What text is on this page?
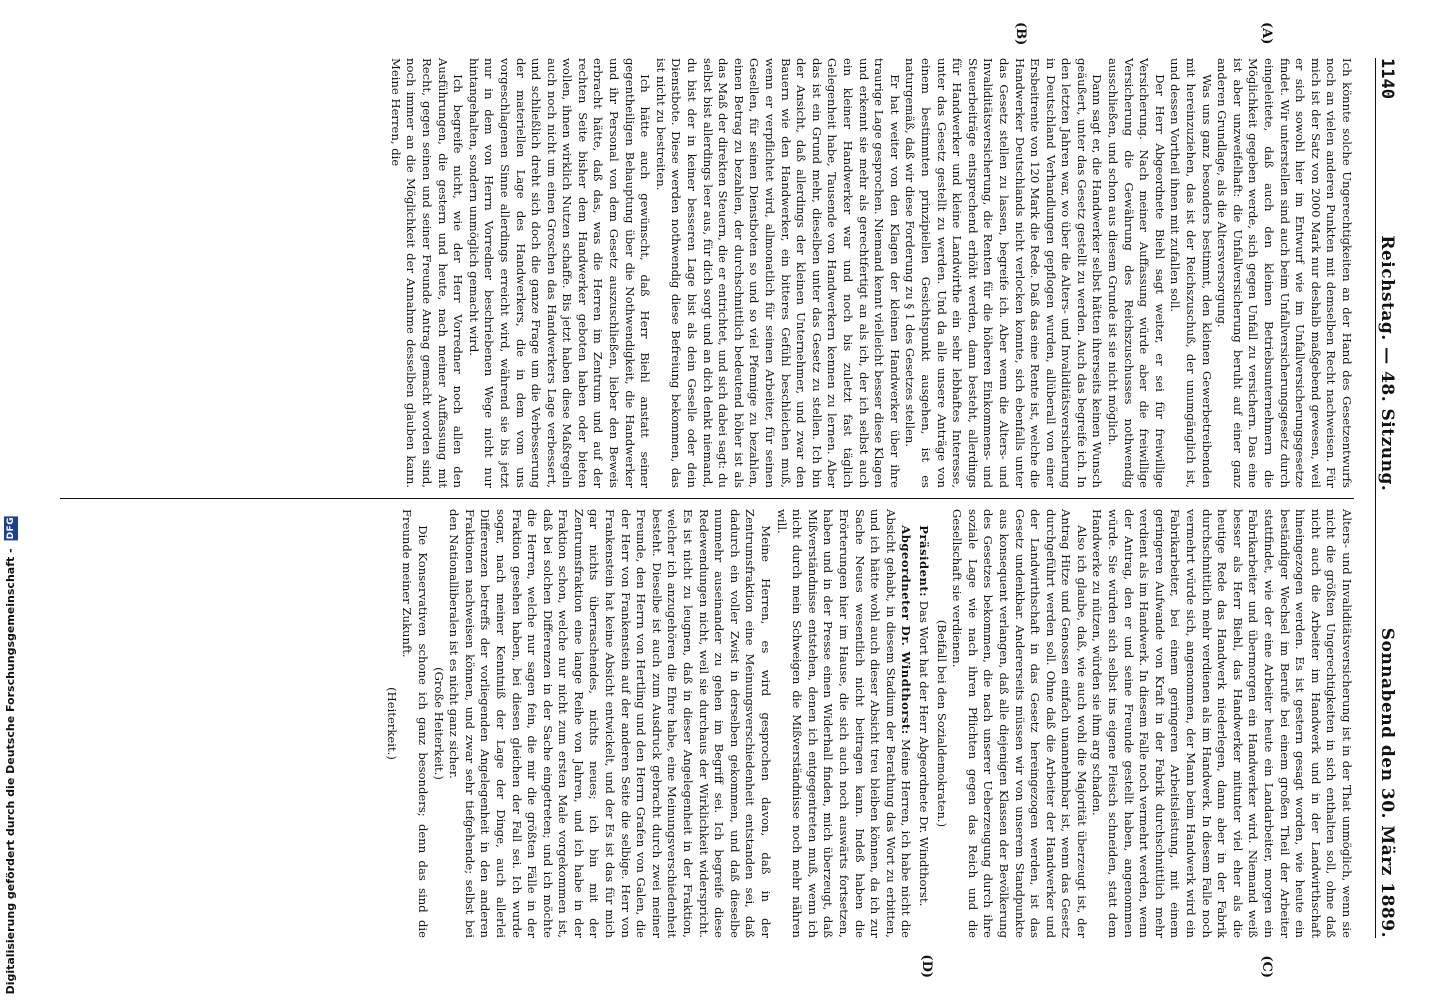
1140
Reichstag. — 48. Sitzung.
Sonnabend den 30. März 1889.
(A)
(B)

Ich könnte solche Ungerechtigkeiten an der Hand des Gesetzentwurfs noch an vielen anderen Punkten mit demselben Recht nachweisen. Für mich ist der Satz von 2000 Mark nur deshalb maßgebend gewesen, weil er sich sowohl hier im Entwurf wie im Unfallversicherungsgesetze findet. Wir unterstellen sind auch beim Unfallversicherungsgesetz durch eingeleitete, daß auch den kleinen Betriebsunternehmern die Möglichkeit gegeben werde, sich gegen Unfall zu versichern. Das eine ist aber unzweifelhaft: die Unfallversicherung beruht auf einer ganz anderen Grundlage, als die Altersversorgung.

Was uns ganz besonders bestimmt, den kleinen Gewerbetreibenden mit hereinzuziehen, das ist der Reichszuschuß, der unumgänglich ist, und dessen Vortheil ihnen mit zufallen soll.

Der Herr Abgeordnete Biehl sagt weiter, er sei für freiwillige Versicherung. Nach meiner Auffassung würde aber die freiwillige Versicherung die Gewährung des Reichszuschusses nothwendig ausschließen, und schon aus diesem Grunde ist sie nicht möglich.

Dann sagt er, die Handwerker selbst hätten ihrerseits keinen Wunsch geäußert, unter das Gesetz gestellt zu werden. Auch das begreife ich. In den letzten Jahren war, wo über die Alters- und Invaliditätsversicherung in Deutschland Verhandlungen gepflogen wurden, allüberall von einer Ersbeitrente von 120 Mark die Rede. Daß das eine Rente ist, welche die Handwerker Deutschlands nicht verlocken konnte, sich ebenfalls unter das Gesetz stellen zu lassen, begreife ich. Aber wenn die Alters- und Invaliditätsversicherung, die Renten für die höheren Einkommens- und Steuerbeiträge entsprechend erhöht werden, dann besteht, allerdings für Handwerker und kleine Landwirthe ein sehr lebhaftes Interesse, unter das Gesetz gestellt zu werden. Und da alle unsere Anträge von einem bestimmten prinzipiellen Gesichtspunkt ausgehen, ist es naturgemäß, daß wir diese Forderung zu § 1 des Gesetzes stellen.

Er hat weiter von den Klagen der kleinen Handwerker über ihre traurige Lage gesprochen. Niemand kennt vielleicht besser diese Klagen und erkennt sie mehr als gerechtfertigt an als ich, der ich selbst auch ein kleiner Handwerker war und noch bis zuletzt fast täglich Gelegenheit habe, Tausende von Handwerkern kennen zu lernen. Aber das ist ein Grund mehr, dieselben unter das Gesetz zu stellen. Ich bin der Ansicht, daß allerdings der kleinen Unternehmer, und zwar den Bauern wie den Handwerker, ein bitteres Gefühl beschleichen muß, wenn er verpflichtet wird, allmonatlich für seinen Arbeiter, für seinen Gesellen, für seinen Dienstboten so und so viel Pfennige zu bezahlen, einen Betrag zu bezahlen, der durchschnittlich bedeutend höher ist als das Maß der direkten Steuern, die er entrichtet, und sich dabei sagt: du selbst bist allerdings leer aus, für dich sorgt und an dich denkt niemand, du bist der in keiner besseren Lage bist als dein Geselle oder dein Dienstbote. Diese werden nothwendig diese Befreiung bekommen, das ist nicht zu bestreiten.

Ich hätte auch gewünscht, daß Herr Biehl anstatt seiner gegentheiligen Behauptung über die Nothwendigkeit, die Handwerker und ihr Personal von dem Gesetz auszuschließen, lieber den Beweis erbracht hätte, daß das, was die Herren im Zentrum und auf der rechten Seite bisher dem Handwerker geboten haben oder bieten wollen, ihnen wirklich Nutzen schaffe. Bis jetzt haben diese Maßregeln auch noch nicht um einen Groschen das Handwerkers Lage verbessert, und schließlich dreht sich doch die ganze Frage um die Verbesserung der materiellen Lage des Handwerkers, die in dem vom uns vorgeschlagenen Sinne allerdings erreicht wird, während sie bis jetzt nur in dem von Herrn Vorredner beschriebenen Wege nicht nur hintangehalten, sondern unmöglich gemacht wird.

Ich begreife nicht, wie der Herr Vorredner noch allen den Ausführungen, die gestern und heute, nach meiner Auffassung mit Recht, gegen seinen und seiner Freunde Antrag gemacht worden sind, noch immer an die Möglichkeit der Annahme desselben glauben kann. Meine Herren, die

(C)
(D)

Alters- und Invaliditätsversicherung ist in der That unmöglich, wenn sie nicht die größten Ungerechtigkeiten in sich enthalten soll, ohne daß nicht auch die Arbeiter im Handwerk und in der Landwirthschaft hineingezogen werden. Es ist gestern gesagt worden, wie heute ein beständiger Wechsel im Berufe bei einem großen Theil der Arbeiter stattfindet, wie der eine Arbeiter heute ein Landarbeiter, morgen ein Fabrikarbeiter und übermorgen ein Handwerker wird. Niemand weiß besser als Herr Biehl, das Handwerker mitunter viel eher als die heutige Rede das Handwerk niederlegen, dann aber in der Fabrik durchschnittlich mehr verdienen als im Handwerk. In diesem Falle noch vermehrt würde sich, angenommen, der Mann beim Handwerk wird ein Fabrikarbeiter, bei einem geringeren Arbeitsleistung, mit einem geringeren Aufwande von Kraft in der Fabrik durchschnittlich mehr verdient als im Handwerk. In diesem Falle noch vermehrt werden, wenn der Antrag, den er und seine Freunde gestellt haben, angenommen würde. Sie würden sich selbst ins eigene Fleisch schneiden, statt dem Handwerke zu nützen, würden sie ihm arg schaden.

Also ich glaube, daß, wie auch wohl die Majorität überzeugt ist, der Antrag Hitze und Genossen einfach unannehmbar ist, wenn das Gesetz durchgeführt werden soll. Ohne daß die Arbeiter der Handwerker und der Landwirthschaft in das Gesetz hereingezogen werden, ist das Gesetz undenkbar. Andererseits müssen wir von unserem Standpunkte aus konsequent verlangen, daß alle diejenigen Klassen der Bevölkerung des Gesetzes bekommen, die nach unserer Ueberzeugung durch ihre soziale Lage wie nach ihren Pflichten gegen das Reich und die Gesellschaft sie verdienen.

(Beifall bei den Sozialdemokraten.)

Präsident: Das Wort hat der Herr Abgeordnete Dr. Windthorst.

Abgeordneter Dr. Windthorst: Meine Herren, ich habe nicht die Absicht gehabt, in diesem Stadium der Berathung das Wort zu erbitten, und ich hätte wohl auch dieser Absicht treu bleiben können, da ich zur Sache Neues wesentlich nicht beitragen kann. Indeß haben die Erörterungen hier im Hause, die sich auch noch auswärts fortsetzen, haben und in der Presse einen Widerhall finden, mich überzeugt, daß Mißverständnisse entstehen, denen ich entgegentreten muß, wenn ich nicht durch mein Schweigen die Mißverständnisse noch mehr nähren will.

Meine Herren, es wird gesprochen davon, daß in der Zentrumsfraktion eine Meinungsverschiedenheit entstanden sei, daß dadurch ein voller Zwist in derselben gekommen, und daß dieselbe nunmehr auseinander zu gehen im Begriff sei. Ich begreife diese Redewendungen nicht, weil sie durchaus der Wirklichkeit widerspricht. Es ist nicht zu leugnen, daß in dieser Angelegenheit in der Fraktion, welcher ich anzugehören die Ehre habe, eine Meinungsverschiedenheit besteht. Dieselbe ist auch zum Ausdruck gebracht durch zwei meiner Freunde, den Herrn von Hertling und den Herrn Grafen von Galen, die der Herr von Frankenstein auf der anderen Seite die selbige. Herr von Frankenstein hat keine Absicht entwickelt, und der Es ist das für mich gar nichts überraschendes, nichts neues; ich bin mit der Zentrumsfraktion eine lange Reihe von Jahren, und ich habe in der Fraktion schon, welche nur nicht zum ersten Male vorgekommen ist, daß bei solchen Differenzen in der Sache eingetreten; und ich möchte die Herren, welche nur sagen fein, die mir die größten Fälle in der Fraktion gesehen haben, bei diesen gleichen der Fall sei. Ich wurde sogar, nach meiner Kenntniß der Lage der Dinge, auch allerlei Differenzen betreffs der vorliegenden Angelegenheit in den anderen Fraktionen nachweisen können, und zwar sehr tiefgehende; selbst bei den Nationalliberalen ist es nicht ganz sicher.

(Große Heiterkeit.)

Die Konservativen schone ich ganz besonders; denn das sind die Freunde meiner Zukunft.

(Heiterkeit.)

Digitalisierung gefördert durch die Deutsche Forschungsgemeinschaft - DFG
